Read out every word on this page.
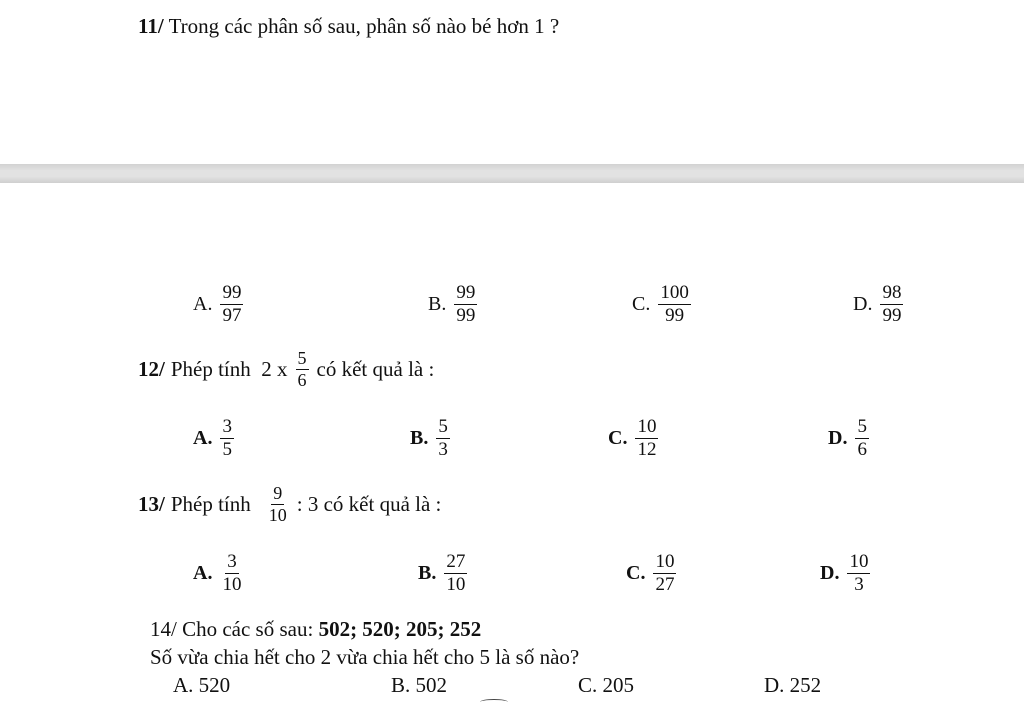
11/ Trong các phân số sau, phân số nào bé hơn 1 ?
A. $\frac{99}{97}$	B. $\frac{99}{99}$	C. $\frac{100}{99}$	D. $\frac{98}{99}$
12/ Phép tính  2 x $\frac{5}{6}$ có kết quả là :
A. $\frac{3}{5}$	B. $\frac{5}{3}$	C. $\frac{10}{12}$	D. $\frac{5}{6}$
13/ Phép tính $\frac{9}{10}$ : 3 có kết quả là :
A. $\frac{3}{10}$	B. $\frac{27}{10}$	C. $\frac{10}{27}$	D. $\frac{10}{3}$
14/ Cho các số sau: 502; 520; 205; 252
Số vừa chia hết cho 2 vừa chia hết cho 5 là số nào?
A. 520	B. 502	C. 205	D. 252
